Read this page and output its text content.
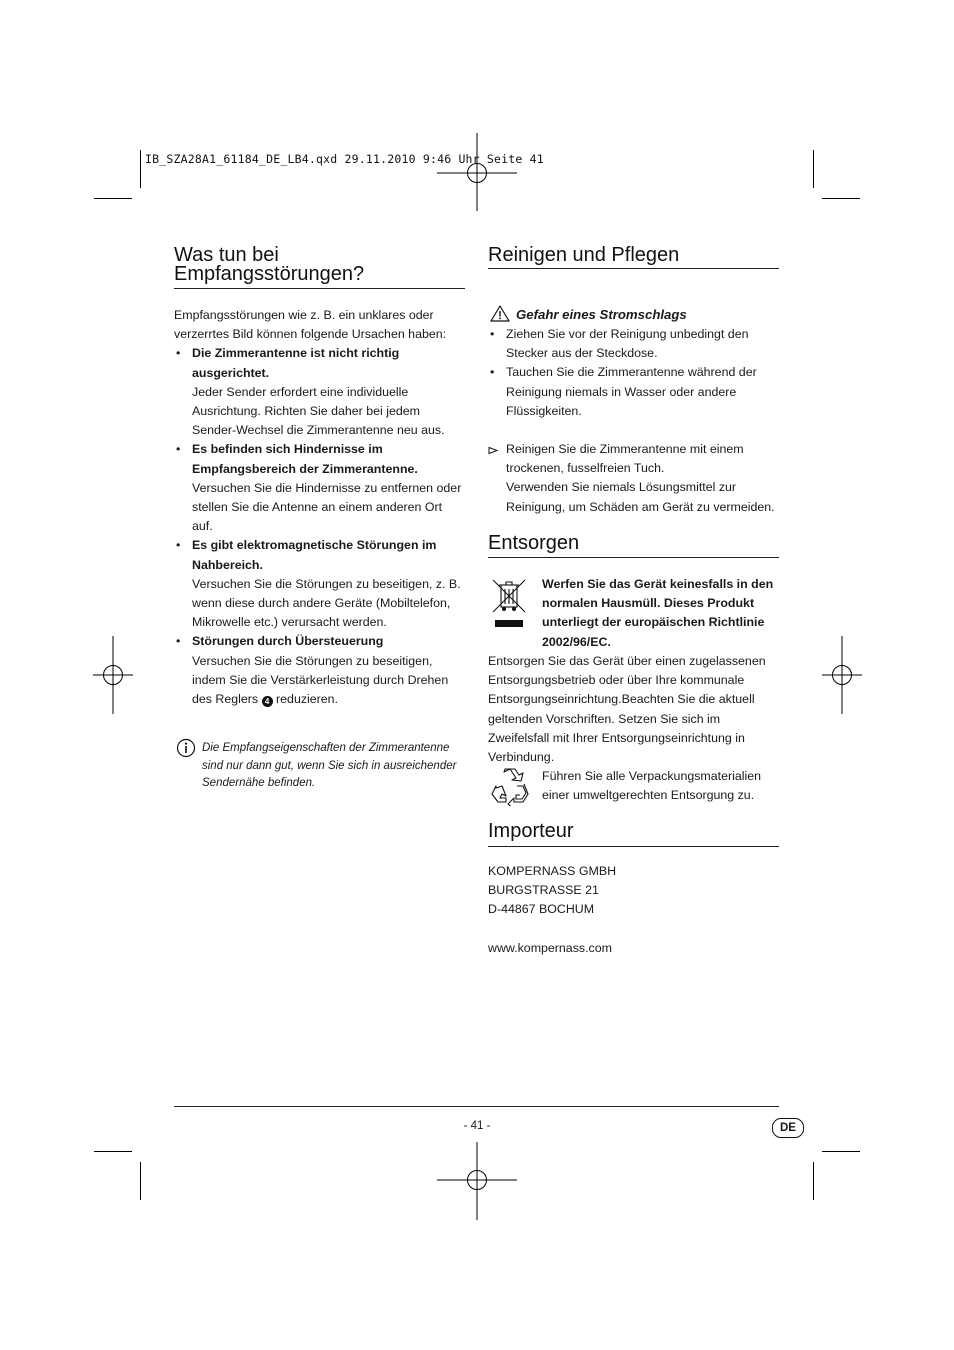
IB_SZA28A1_61184_DE_LB4.qxd 29.11.2010 9:46 Uhr Seite 41
Was tun bei
Empfangsstörungen?
Empfangsstörungen wie z. B. ein unklares oder verzerrtes Bild können folgende Ursachen haben:
• Die Zimmerantenne ist nicht richtig ausgerichtet.
Jeder Sender erfordert eine individuelle Ausrichtung. Richten Sie daher bei jedem Sender-Wechsel die Zimmerantenne neu aus.
• Es befinden sich Hindernisse im Empfangsbereich der Zimmerantenne.
Versuchen Sie die Hindernisse zu entfernen oder stellen Sie die Antenne an einem anderen Ort auf.
• Es gibt elektromagnetische Störungen im Nahbereich.
Versuchen Sie die Störungen zu beseitigen, z. B. wenn diese durch andere Geräte (Mobiltelefon, Mikrowelle etc.) verursacht werden.
• Störungen durch Übersteuerung
Versuchen Sie die Störungen zu beseitigen, indem Sie die Verstärkerleistung durch Drehen des Reglers 4 reduzieren.
Die Empfangseigenschaften der Zimmerantenne sind nur dann gut, wenn Sie sich in ausreichender Sendernähe befinden.
Reinigen und Pflegen
Gefahr eines Stromschlags
• Ziehen Sie vor der Reinigung unbedingt den Stecker aus der Steckdose.
• Tauchen Sie die Zimmerantenne während der Reinigung niemals in Wasser oder andere Flüssigkeiten.
Reinigen Sie die Zimmerantenne mit einem trockenen, fusselfreien Tuch.
Verwenden Sie niemals Lösungsmittel zur Reinigung, um Schäden am Gerät zu vermeiden.
Entsorgen
Werfen Sie das Gerät keinesfalls in den normalen Hausmüll. Dieses Produkt unterliegt der europäischen Richtlinie 2002/96/EC.
Entsorgen Sie das Gerät über einen zugelassenen Entsorgungsbetrieb oder über Ihre kommunale Entsorgungseinrichtung.Beachten Sie die aktuell geltenden Vorschriften. Setzen Sie sich im Zweifelsfall mit Ihrer Entsorgungseinrichtung in Verbindung.
Führen Sie alle Verpackungsmaterialien einer umweltgerechten Entsorgung zu.
Importeur
KOMPERNASS GMBH
BURGSTRASSE 21
D-44867 BOCHUM
www.kompernass.com
- 41 -	DE
